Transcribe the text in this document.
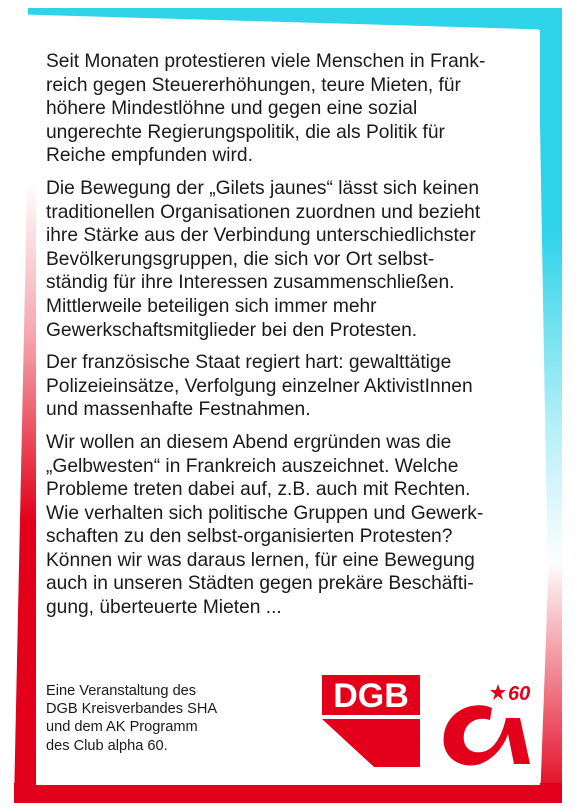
Seit Monaten protestieren viele Menschen in Frank-
reich gegen Steuererhöhungen, teure Mieten, für
höhere Mindestlöhne und gegen eine sozial
ungerechte Regierungspolitik, die als Politik für
Reiche empfunden wird.

Die Bewegung der „Gilets jaunes“ lässt sich keinen
traditionellen Organisationen zuordnen und bezieht
ihre Stärke aus der Verbindung unterschiedlichster
Bevölkerungsgruppen, die sich vor Ort selbst-
ständig für ihre Interessen zusammenschließen.
Mittlerweile beteiligen sich immer mehr
Gewerkschaftsmitglieder bei den Protesten.

Der französische Staat regiert hart: gewalttätige
Polizeieinsätze, Verfolgung einzelner AktivistInnen
und massenhafte Festnahmen.

Wir wollen an diesem Abend ergründen was die
„Gelbwesten“ in Frankreich auszeichnet. Welche
Probleme treten dabei auf, z.B. auch mit Rechten.
Wie verhalten sich politische Gruppen und Gewerk-
schaften zu den selbst-organisierten Protesten?
Können wir was daraus lernen, für eine Bewegung
auch in unseren Städten gegen prekäre Beschäfti-
gung, überteuerte Mieten ...

Eine Veranstaltung des
DGB Kreisverbandes SHA
und dem AK Programm
des Club alpha 60.
DGB	60
